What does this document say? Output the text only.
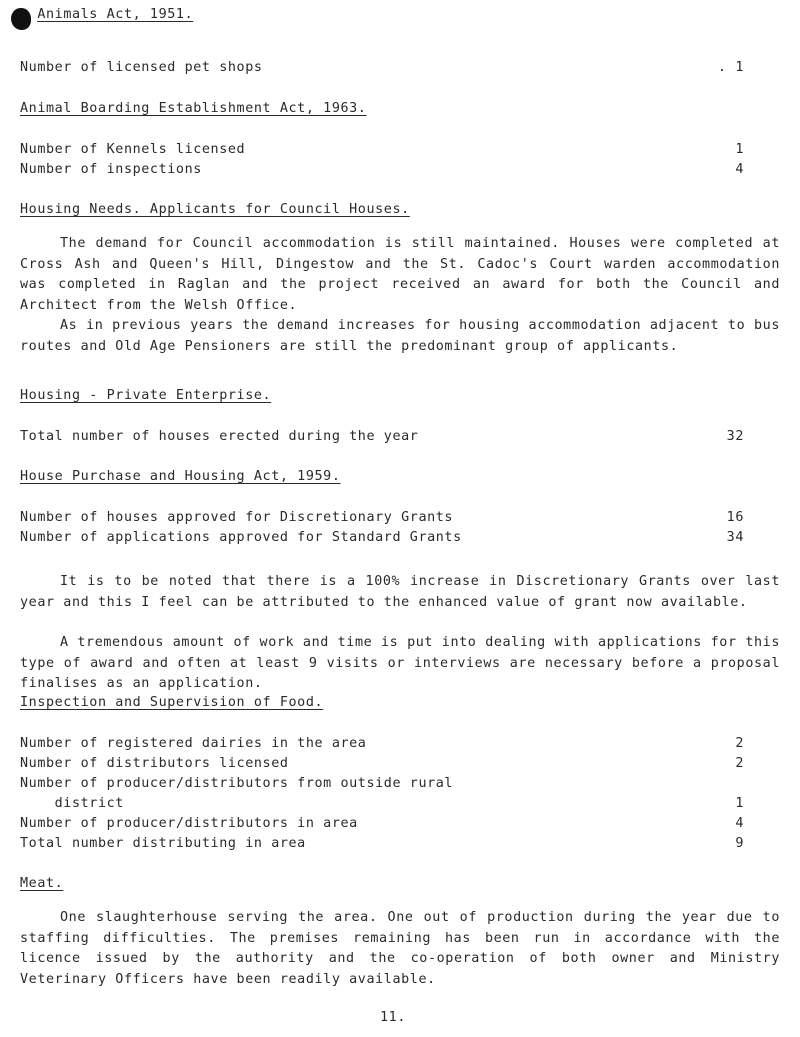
Animals Act, 1951.
Number of licensed pet shops	. 1
Animal Boarding Establishment Act, 1963.
Number of Kennels licensed	1
Number of inspections	4
Housing Needs. Applicants for Council Houses.

The demand for Council accommodation is still maintained. Houses were completed at Cross Ash and Queen's Hill, Dingestow and the St. Cadoc's Court warden accommodation was completed in Raglan and the project received an award for both the Council and Architect from the Welsh Office.

As in previous years the demand increases for housing accommodation adjacent to bus routes and Old Age Pensioners are still the predominant group of applicants.

Housing - Private Enterprise.
Total number of houses erected during the year	32
House Purchase and Housing Act, 1959.
Number of houses approved for Discretionary Grants	16
Number of applications approved for Standard Grants	34

It is to be noted that there is a 100% increase in Discretionary Grants over last year and this I feel can be attributed to the enhanced value of grant now available.

A tremendous amount of work and time is put into dealing with applications for this type of award and often at least 9 visits or interviews are necessary before a proposal finalises as an application.

Inspection and Supervision of Food.
Number of registered dairies in the area	2
Number of distributors licensed	2
Number of producer/distributors from outside rural
district	1
Number of producer/distributors in area	4
Total number distributing in area	9
Meat.

One slaughterhouse serving the area. One out of production during the year due to staffing difficulties. The premises remaining has been run in accordance with the licence issued by the authority and the co-operation of both owner and Ministry Veterinary Officers have been readily available.

11.
